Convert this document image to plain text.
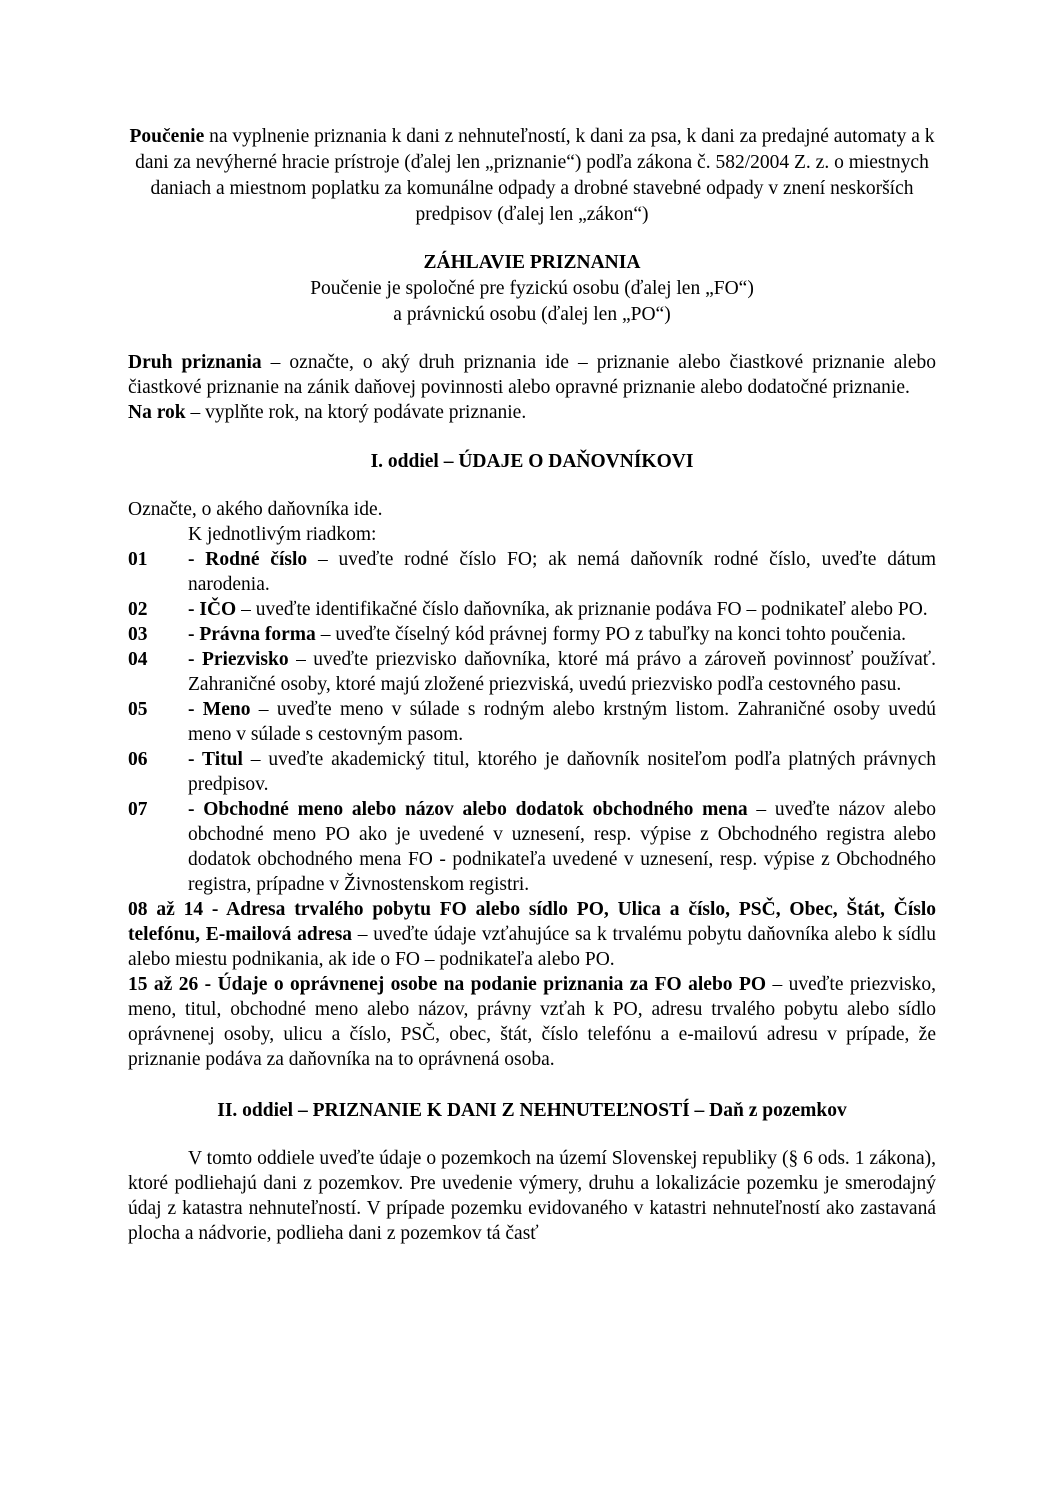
Poučenie na vyplnenie priznania k dani z nehnuteľností, k dani za psa, k dani za predajné automaty a k dani za nevýherné hracie prístroje (ďalej len „priznanie“) podľa zákona č. 582/2004 Z. z. o miestnych daniach a miestnom poplatku za komunálne odpady a drobné stavebné odpady v znení neskorších predpisov (ďalej len „zákon“)

ZÁHLAVIE PRIZNANIA

Poučenie je spoločné pre fyzickú osobu (ďalej len „FO“)

a právnickú osobu (ďalej len „PO“)

Druh priznania – označte, o aký druh priznania ide – priznanie alebo čiastkové priznanie alebo čiastkové priznanie na zánik daňovej povinnosti alebo opravné priznanie alebo dodatočné priznanie.

Na rok – vyplňte rok, na ktorý podávate priznanie.

I. oddiel – ÚDAJE O DAŇOVNÍKOVI

Označte, o akého daňovníka ide.

K jednotlivým riadkom:

01	- Rodné číslo – uveďte rodné číslo FO; ak nemá daňovník rodné číslo, uveďte dátum narodenia.
02	- IČO – uveďte identifikačné číslo daňovníka, ak priznanie podáva FO – podnikateľ alebo PO.
03	- Právna forma – uveďte číselný kód právnej formy PO z tabuľky na konci tohto poučenia.
04	- Priezvisko – uveďte priezvisko daňovníka, ktoré má právo a zároveň povinnosť používať. Zahraničné osoby, ktoré majú zložené priezviská, uvedú priezvisko podľa cestovného pasu.
05	- Meno – uveďte meno v súlade s rodným alebo krstným listom. Zahraničné osoby uvedú meno v súlade s cestovným pasom.
06	- Titul – uveďte akademický titul, ktorého je daňovník nositeľom podľa platných právnych predpisov.
07	- Obchodné meno alebo názov alebo dodatok obchodného mena – uveďte názov alebo obchodné meno PO ako je uvedené v uznesení, resp. výpise z Obchodného registra alebo dodatok obchodného mena FO - podnikateľa uvedené v uznesení, resp. výpise z Obchodného registra, prípadne v Živnostenskom registri.

08 až 14 - Adresa trvalého pobytu FO alebo sídlo PO, Ulica a číslo, PSČ, Obec, Štát, Číslo telefónu, E-mailová adresa – uveďte údaje vzťahujúce sa k trvalému pobytu daňovníka alebo k sídlu alebo miestu podnikania, ak ide o FO – podnikateľa alebo PO.

15 až 26 - Údaje o oprávnenej osobe na podanie priznania za FO alebo PO – uveďte priezvisko, meno, titul, obchodné meno alebo názov, právny vzťah k PO, adresu trvalého pobytu alebo sídlo oprávnenej osoby, ulicu a číslo, PSČ, obec, štát, číslo telefónu a e-mailovú adresu v prípade, že priznanie podáva za daňovníka na to oprávnená osoba.

II. oddiel – PRIZNANIE K DANI Z NEHNUTEĽNOSTÍ – Daň z pozemkov

V tomto oddiele uveďte údaje o pozemkoch na území Slovenskej republiky (§ 6 ods. 1 zákona), ktoré podliehajú dani z pozemkov. Pre uvedenie výmery, druhu a lokalizácie pozemku je smerodajný údaj z katastra nehnuteľností. V prípade pozemku evidovaného v katastri nehnuteľností ako zastavaná plocha a nádvorie, podlieha dani z pozemkov tá časť
